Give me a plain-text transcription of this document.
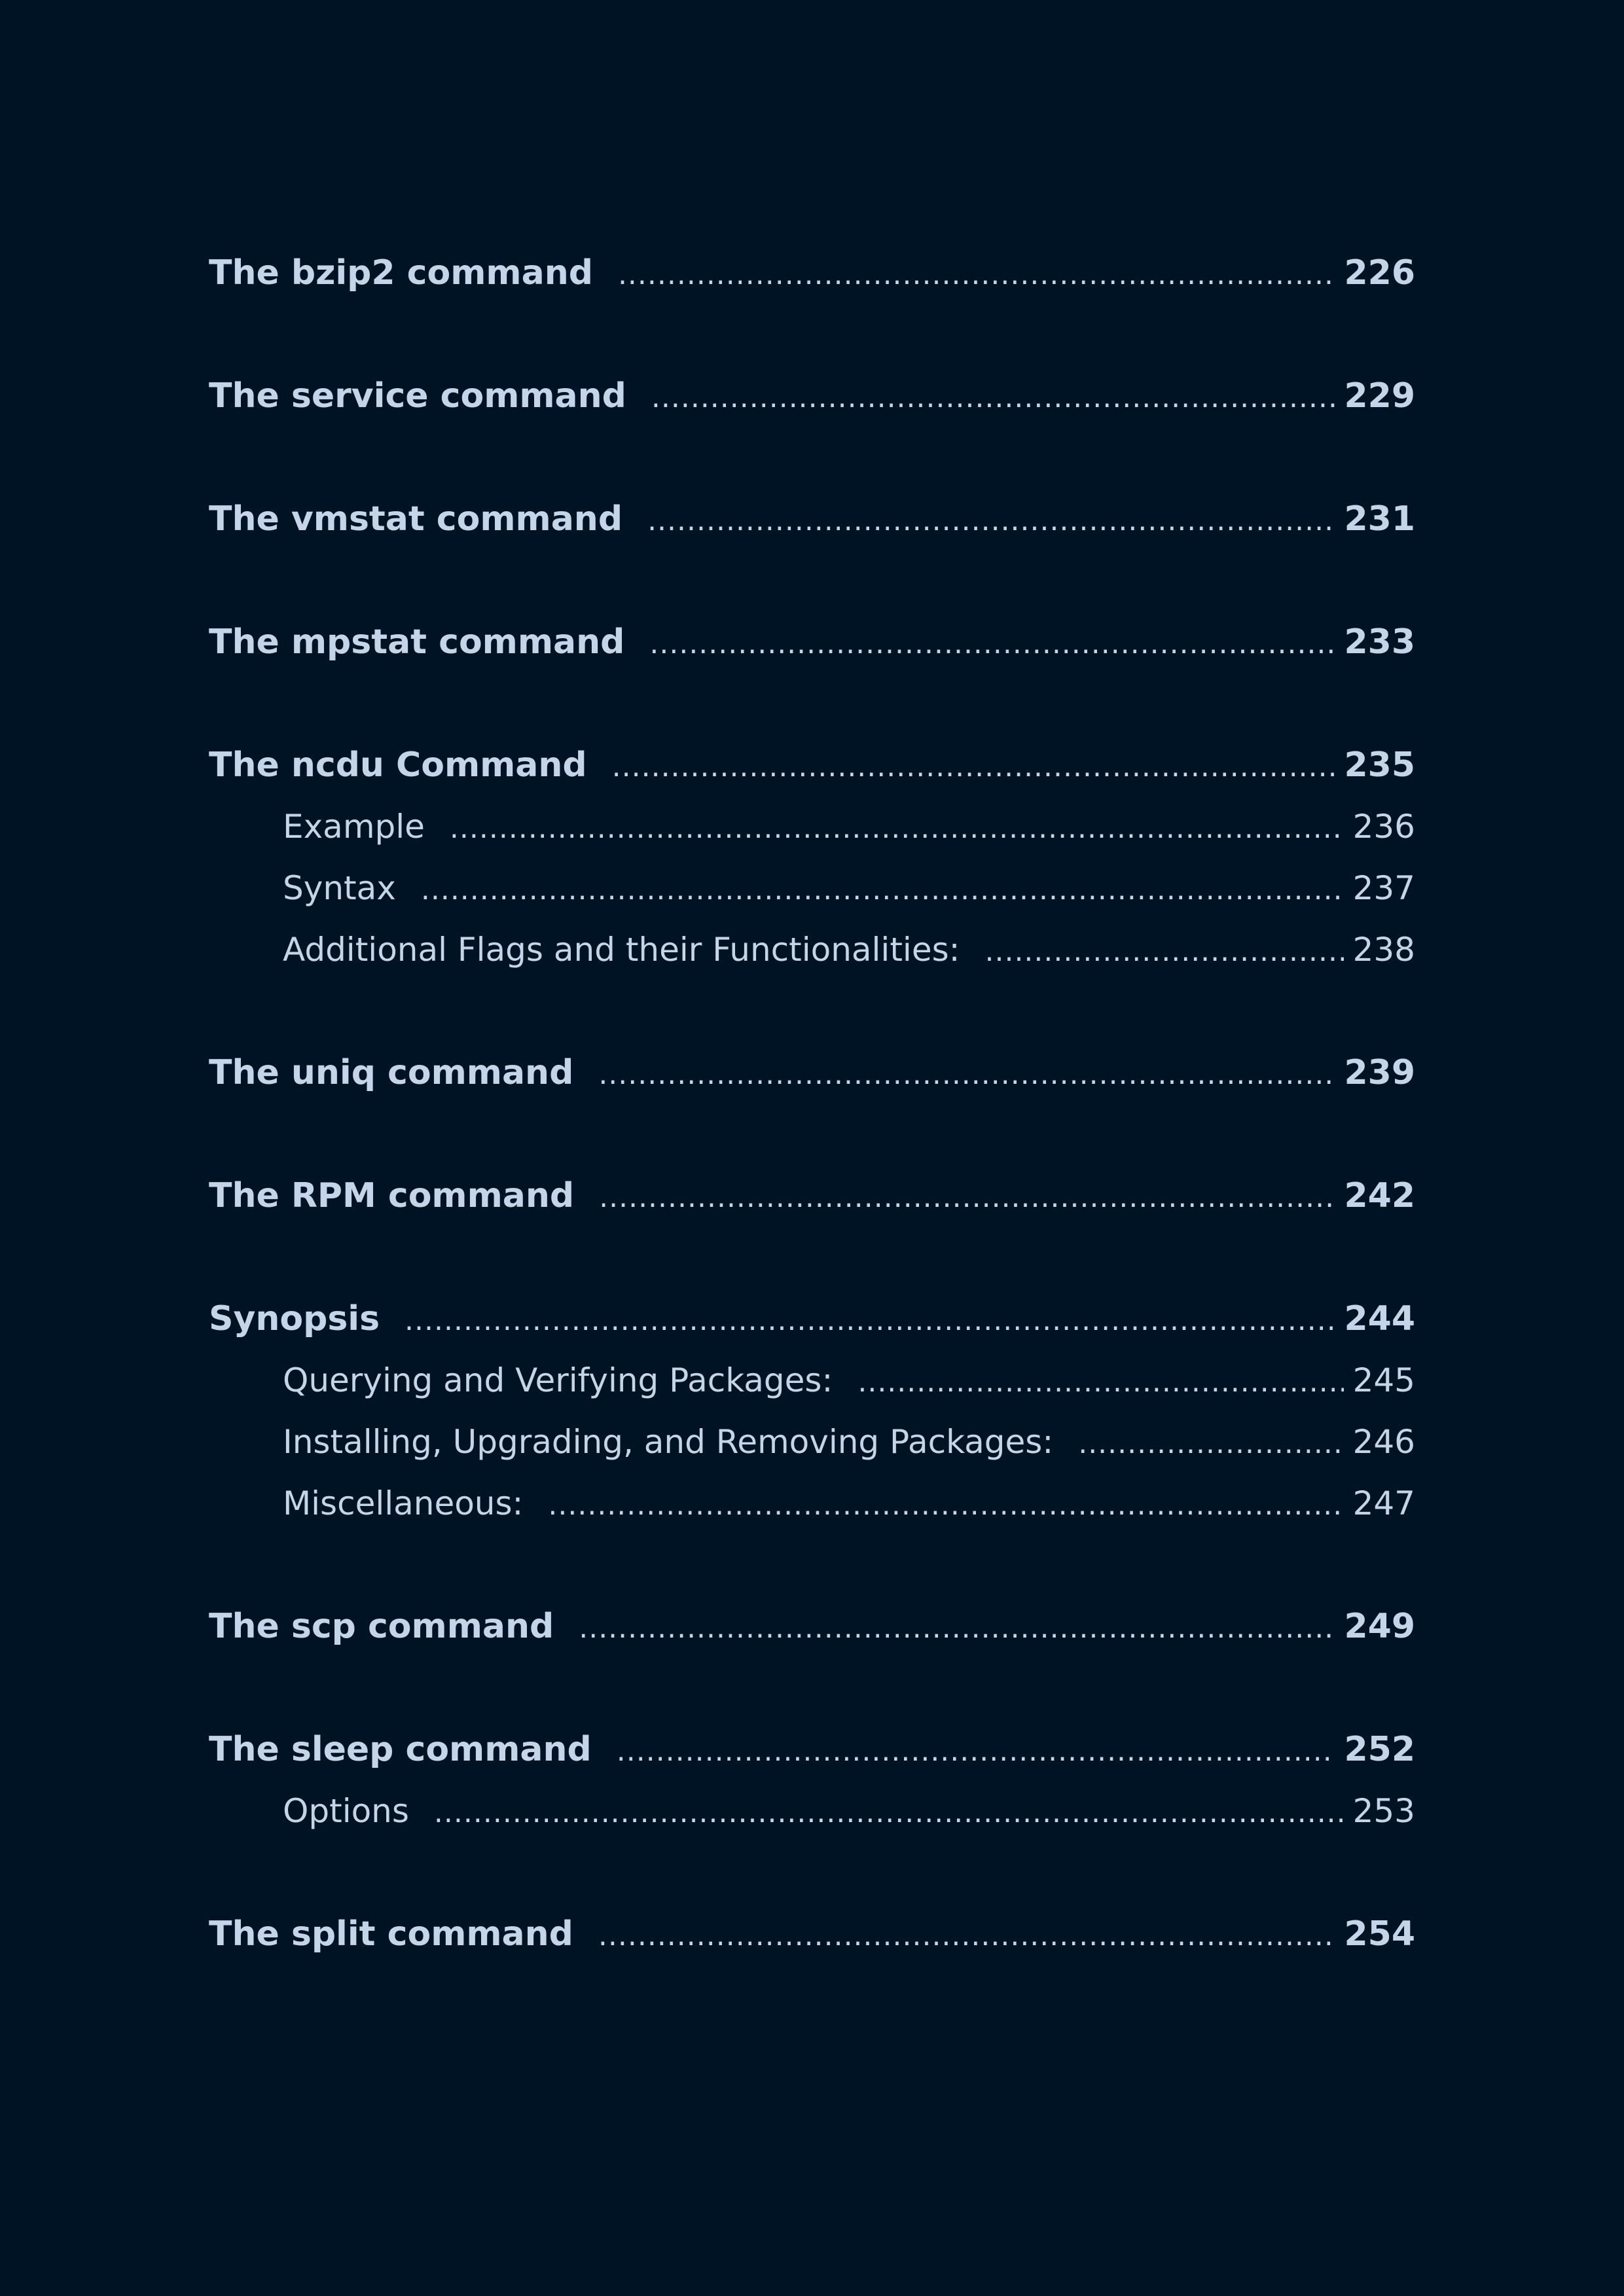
The bzip2 command .....	226
The service command .....	229
The vmstat command .....	231
The mpstat command .....	233
The ncdu Command .....	235
Example .....	236
Syntax .....	237
Additional Flags and their Functionalities: .....	238
The uniq command .....	239
The RPM command .....	242
Synopsis .....	244
Querying and Verifying Packages: .....	245
Installing, Upgrading, and Removing Packages: .....	246
Miscellaneous: .....	247
The scp command .....	249
The sleep command .....	252
Options .....	253
The split command .....	254
